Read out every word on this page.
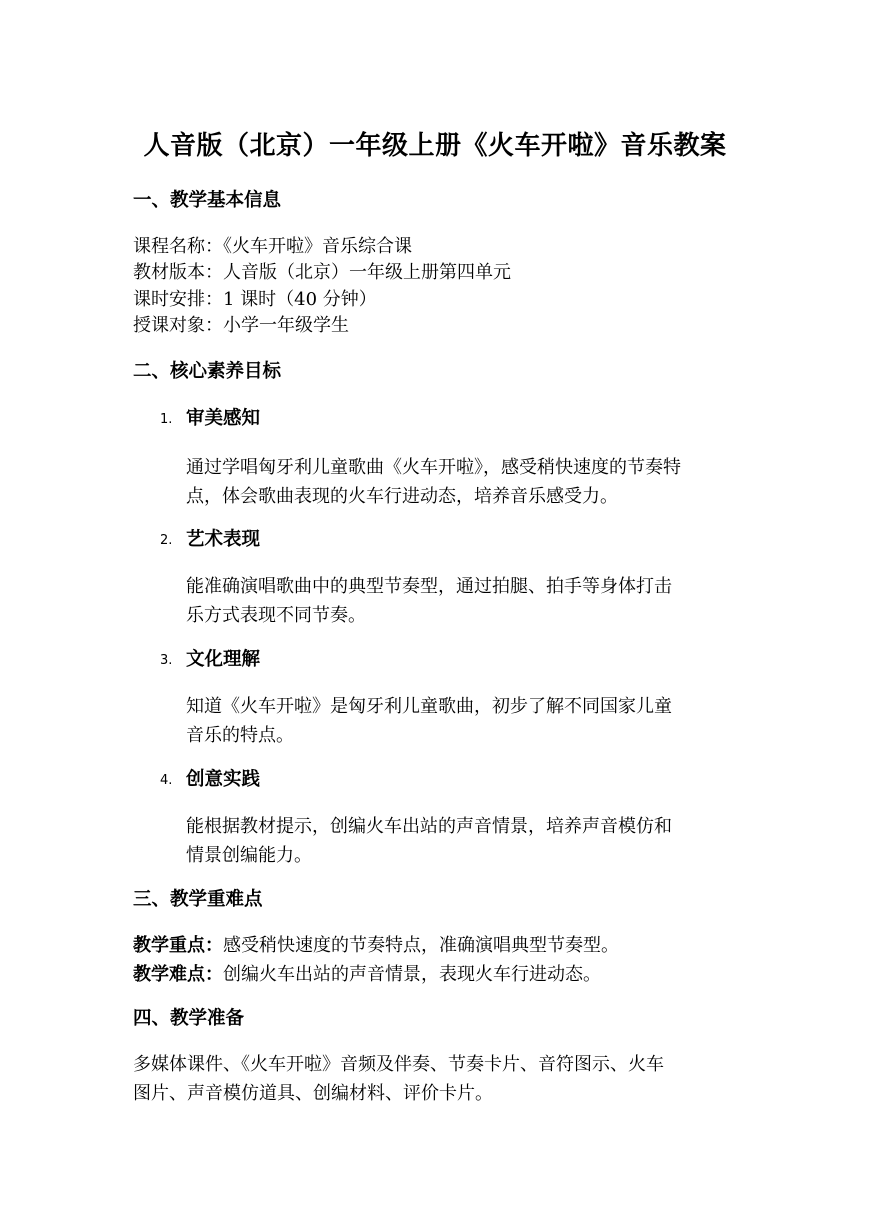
人音版（北京）一年级上册《火车开啦》音乐教案
一、教学基本信息
课程名称：《火车开啦》音乐综合课
教材版本：人音版（北京）一年级上册第四单元
课时安排：1 课时（40 分钟）
授课对象：小学一年级学生
二、核心素养目标
1. 审美感知
通过学唱匈牙利儿童歌曲《火车开啦》，感受稍快速度的节奏特
点，体会歌曲表现的火车行进动态，培养音乐感受力。
2. 艺术表现
能准确演唱歌曲中的典型节奏型，通过拍腿、拍手等身体打击
乐方式表现不同节奏。
3. 文化理解
知道《火车开啦》是匈牙利儿童歌曲，初步了解不同国家儿童
音乐的特点。
4. 创意实践
能根据教材提示，创编火车出站的声音情景，培养声音模仿和
情景创编能力。
三、教学重难点
教学重点：感受稍快速度的节奏特点，准确演唱典型节奏型。
教学难点：创编火车出站的声音情景，表现火车行进动态。
四、教学准备
多媒体课件、《火车开啦》音频及伴奏、节奏卡片、音符图示、火车
图片、声音模仿道具、创编材料、评价卡片。
